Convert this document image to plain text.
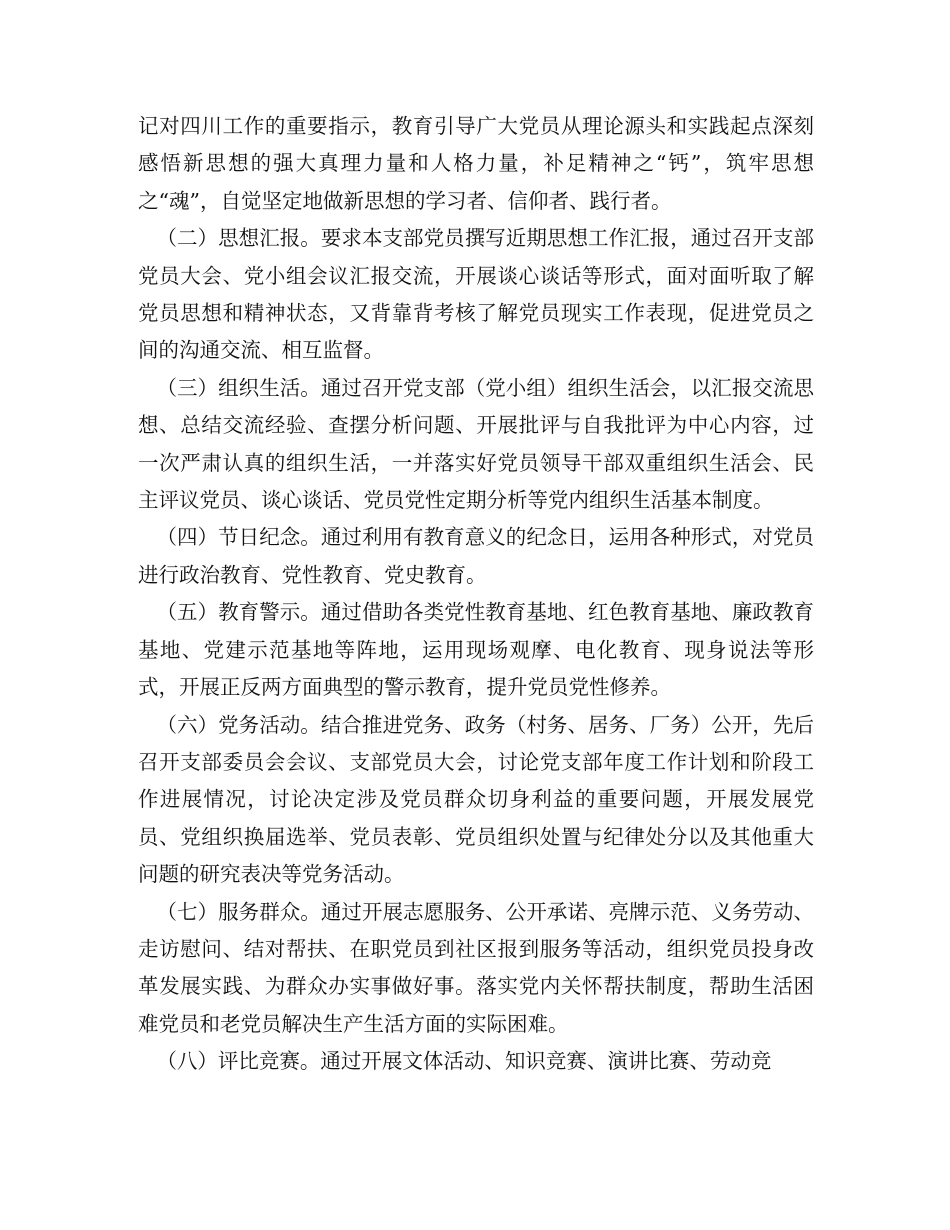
记对四川工作的重要指示，教育引导广大党员从理论源头和实践起点深刻感悟新思想的强大真理力量和人格力量，补足精神之“钙”，筑牢思想之“魂”，自觉坚定地做新思想的学习者、信仰者、践行者。

（二）思想汇报。要求本支部党员撰写近期思想工作汇报，通过召开支部党员大会、党小组会议汇报交流，开展谈心谈话等形式，面对面听取了解党员思想和精神状态，又背靠背考核了解党员现实工作表现，促进党员之间的沟通交流、相互监督。

（三）组织生活。通过召开党支部（党小组）组织生活会，以汇报交流思想、总结交流经验、查摆分析问题、开展批评与自我批评为中心内容，过一次严肃认真的组织生活，一并落实好党员领导干部双重组织生活会、民主评议党员、谈心谈话、党员党性定期分析等党内组织生活基本制度。

（四）节日纪念。通过利用有教育意义的纪念日，运用各种形式，对党员进行政治教育、党性教育、党史教育。

（五）教育警示。通过借助各类党性教育基地、红色教育基地、廉政教育基地、党建示范基地等阵地，运用现场观摩、电化教育、现身说法等形式，开展正反两方面典型的警示教育，提升党员党性修养。

（六）党务活动。结合推进党务、政务（村务、居务、厂务）公开，先后召开支部委员会会议、支部党员大会，讨论党支部年度工作计划和阶段工作进展情况，讨论决定涉及党员群众切身利益的重要问题，开展发展党员、党组织换届选举、党员表彰、党员组织处置与纪律处分以及其他重大问题的研究表决等党务活动。

（七）服务群众。通过开展志愿服务、公开承诺、亮牌示范、义务劳动、走访慰问、结对帮扶、在职党员到社区报到服务等活动，组织党员投身改革发展实践、为群众办实事做好事。落实党内关怀帮扶制度，帮助生活困难党员和老党员解决生产生活方面的实际困难。

（八）评比竞赛。通过开展文体活动、知识竞赛、演讲比赛、劳动竞
